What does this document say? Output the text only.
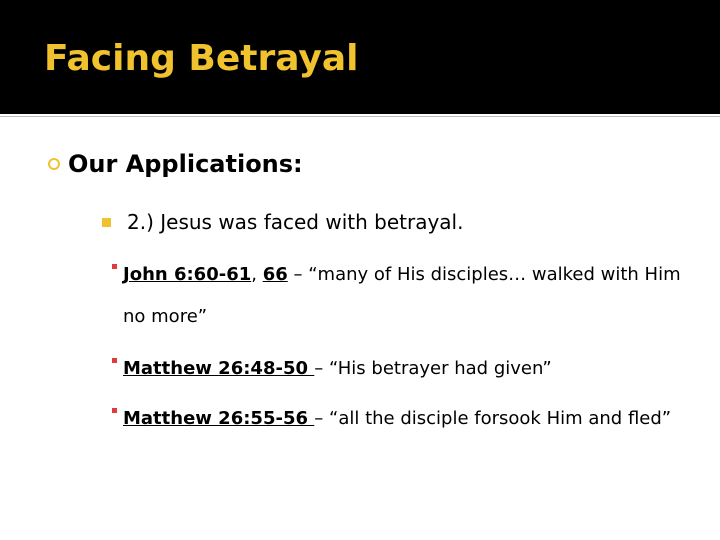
Facing Betrayal
Our Applications:
2.) Jesus was faced with betrayal.
John 6:60-61, 66 – “many of His disciples… walked with Him no more”
Matthew 26:48-50 – “His betrayer had given”
Matthew 26:55-56 – “all the disciple forsook Him and fled”
